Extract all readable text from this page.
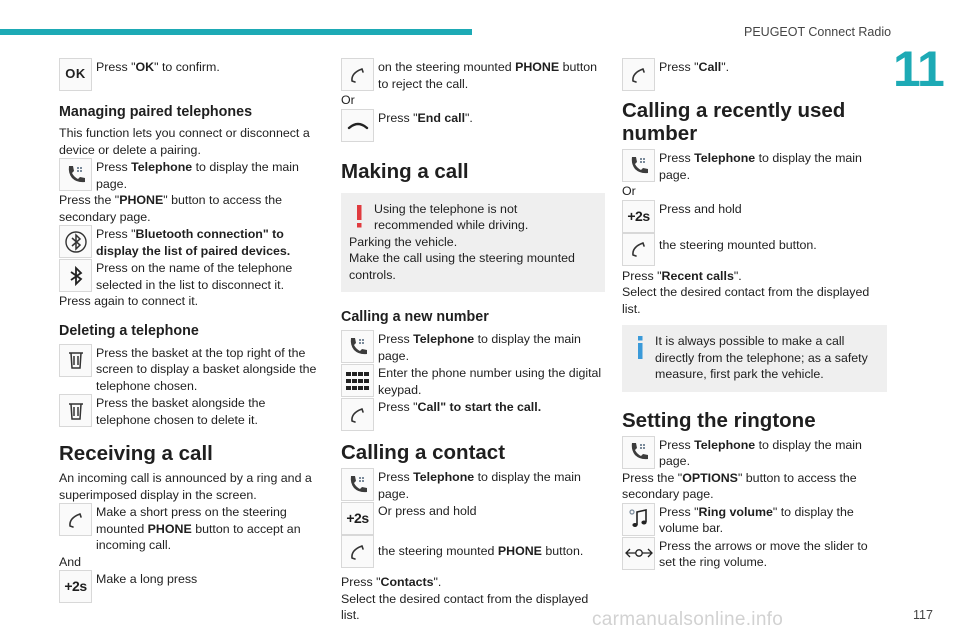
PEUGEOT Connect Radio
11
117
carmanualsonline.info
OK Press "OK" to confirm.

Managing paired telephones

This function lets you connect or disconnect a device or delete a pairing.

Press Telephone to display the main page.

Press the "PHONE" button to access the secondary page.

Press "Bluetooth connection" to display the list of paired devices.

Press on the name of the telephone selected in the list to disconnect it.

Press again to connect it.

Deleting a telephone

Press the basket at the top right of the screen to display a basket alongside the telephone chosen.

Press the basket alongside the telephone chosen to delete it.

Receiving a call

An incoming call is announced by a ring and a superimposed display in the screen.

Make a short press on the steering mounted PHONE button to accept an incoming call.

And

+2s Make a long press

on the steering mounted PHONE button to reject the call.

Or

Press "End call".

Making a call

Using the telephone is not recommended while driving.

Parking the vehicle.

Make the call using the steering mounted controls.

Calling a new number

Press Telephone to display the main page.

Enter the phone number using the digital keypad.

Press "Call" to start the call.

Calling a contact

Press Telephone to display the main page.

+2s Or press and hold

the steering mounted PHONE button.

Press "Contacts".

Select the desired contact from the displayed list.

Press "Call".

Calling a recently used number

Press Telephone to display the main page.

Or

+2s Press and hold

the steering mounted button.

Press "Recent calls".

Select the desired contact from the displayed list.

It is always possible to make a call directly from the telephone; as a safety measure, first park the vehicle.

Setting the ringtone

Press Telephone to display the main page.

Press the "OPTIONS" button to access the secondary page.

Press "Ring volume" to display the volume bar.

Press the arrows or move the slider to set the ring volume.
